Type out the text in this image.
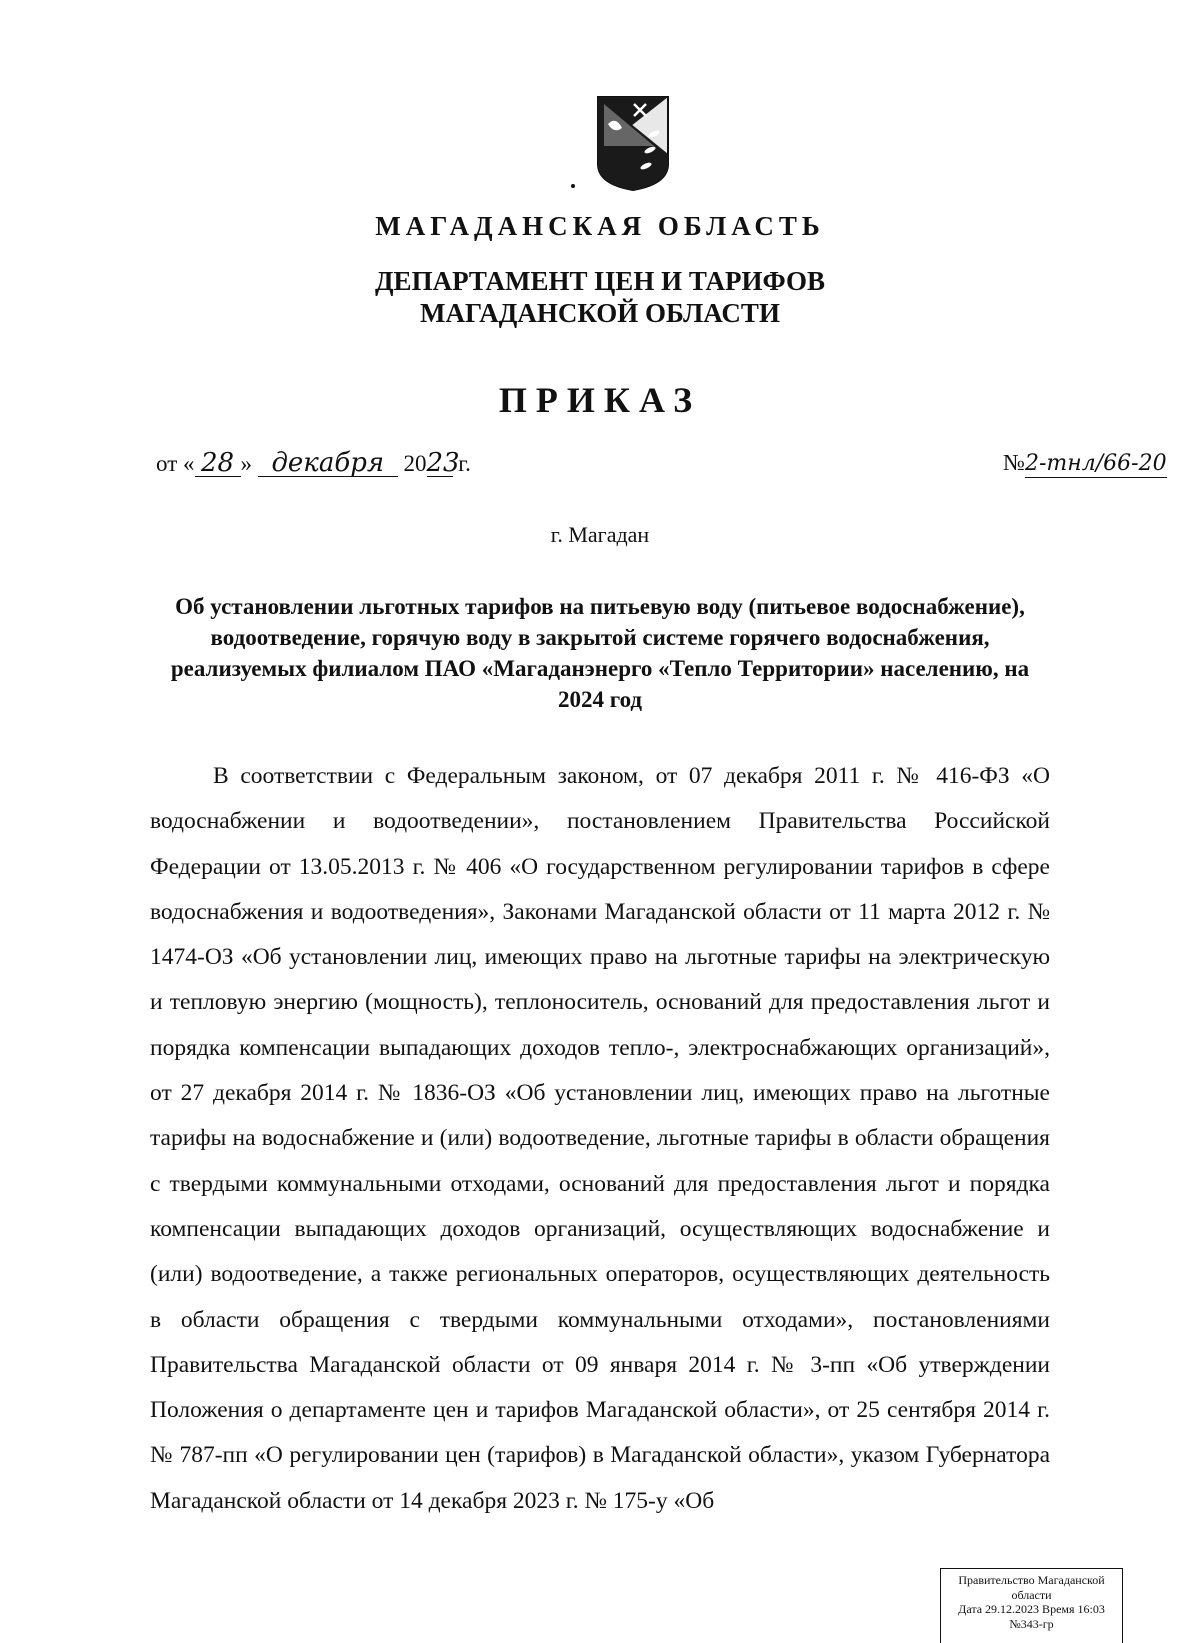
МАГАДАНСКАЯ ОБЛАСТЬ
ДЕПАРТАМЕНТ ЦЕН И ТАРИФОВ
МАГАДАНСКОЙ ОБЛАСТИ
ПРИКАЗ
от « 28 » декабря 2023 г.	№2-тнл/66-20
г. Магадан
Об установлении льготных тарифов на питьевую воду (питьевое водоснабжение), водоотведение, горячую воду в закрытой системе горячего водоснабжения, реализуемых филиалом ПАО «Магаданэнерго «Тепло Территории» населению, на 2024 год

В соответствии с Федеральным законом, от 07 декабря 2011 г. № 416-ФЗ «О водоснабжении и водоотведении», постановлением Правительства Российской Федерации от 13.05.2013 г. № 406 «О государственном регулировании тарифов в сфере водоснабжения и водоотведения», Законами Магаданской области от 11 марта 2012 г. № 1474-ОЗ «Об установлении лиц, имеющих право на льготные тарифы на электрическую и тепловую энергию (мощность), теплоноситель, оснований для предоставления льгот и порядка компенсации выпадающих доходов тепло-, электроснабжающих организаций», от 27 декабря 2014 г. № 1836-ОЗ «Об установлении лиц, имеющих право на льготные тарифы на водоснабжение и (или) водоотведение, льготные тарифы в области обращения с твердыми коммунальными отходами, оснований для предоставления льгот и порядка компенсации выпадающих доходов организаций, осуществляющих водоснабжение и (или) водоотведение, а также региональных операторов, осуществляющих деятельность в области обращения с твердыми коммунальными отходами», постановлениями Правительства Магаданской области от 09 января 2014 г. № 3-пп «Об утверждении Положения о департаменте цен и тарифов Магаданской области», от 25 сентября 2014 г. № 787-пп «О регулировании цен (тарифов) в Магаданской области», указом Губернатора Магаданской области от 14 декабря 2023 г. № 175-у «Об

Правительство Магаданской
области
Дата 29.12.2023 Время 16:03
№343-гр
